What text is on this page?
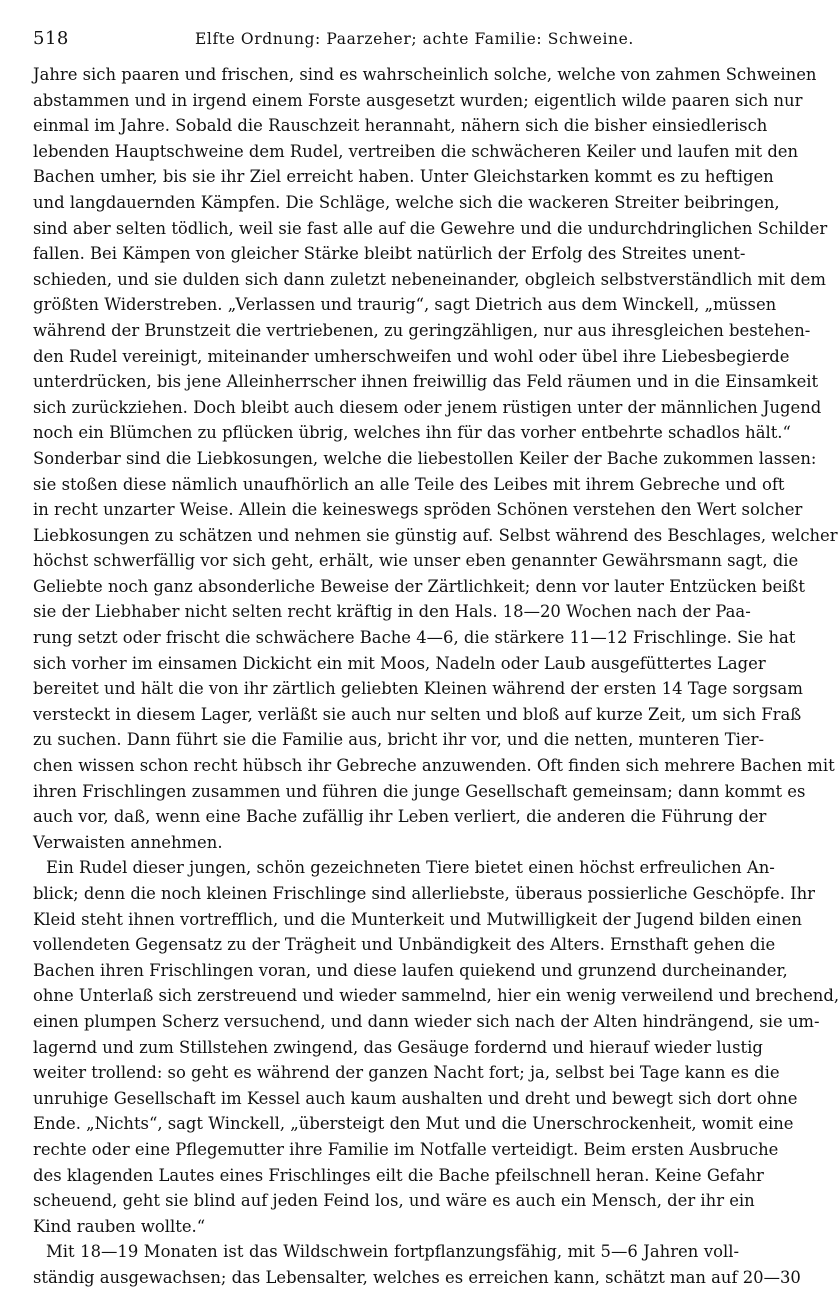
518	Elfte Ordnung: Paarzeher; achte Familie: Schweine.
Jahre sich paaren und frischen, sind es wahrscheinlich solche, welche von zahmen Schweinen
abstammen und in irgend einem Forste ausgesetzt wurden; eigentlich wilde paaren sich nur
einmal im Jahre. Sobald die Rauschzeit herannaht, nähern sich die bisher einsiedlerisch
lebenden Hauptschweine dem Rudel, vertreiben die schwächeren Keiler und laufen mit den
Bachen umher, bis sie ihr Ziel erreicht haben. Unter Gleichstarken kommt es zu heftigen
und langdauernden Kämpfen. Die Schläge, welche sich die wackeren Streiter beibringen,
sind aber selten tödlich, weil sie fast alle auf die Gewehre und die undurchdringlichen Schilder
fallen. Bei Kämpen von gleicher Stärke bleibt natürlich der Erfolg des Streites unent-
schieden, und sie dulden sich dann zuletzt nebeneinander, obgleich selbstverständlich mit dem
größten Widerstreben. „Verlassen und traurig“, sagt Dietrich aus dem Winckell, „müssen
während der Brunstzeit die vertriebenen, zu geringzähligen, nur aus ihresgleichen bestehen-
den Rudel vereinigt, miteinander umherschweifen und wohl oder übel ihre Liebesbegierde
unterdrücken, bis jene Alleinherrscher ihnen freiwillig das Feld räumen und in die Einsamkeit
sich zurückziehen. Doch bleibt auch diesem oder jenem rüstigen unter der männlichen Jugend
noch ein Blümchen zu pflücken übrig, welches ihn für das vorher entbehrte schadlos hält.“
Sonderbar sind die Liebkosungen, welche die liebestollen Keiler der Bache zukommen lassen:
sie stoßen diese nämlich unaufhörlich an alle Teile des Leibes mit ihrem Gebreche und oft
in recht unzarter Weise. Allein die keineswegs spröden Schönen verstehen den Wert solcher
Liebkosungen zu schätzen und nehmen sie günstig auf. Selbst während des Beschlages, welcher
höchst schwerfällig vor sich geht, erhält, wie unser eben genannter Gewährsmann sagt, die
Geliebte noch ganz absonderliche Beweise der Zärtlichkeit; denn vor lauter Entzücken beißt
sie der Liebhaber nicht selten recht kräftig in den Hals. 18—20 Wochen nach der Paa-
rung setzt oder frischt die schwächere Bache 4—6, die stärkere 11—12 Frischlinge. Sie hat
sich vorher im einsamen Dickicht ein mit Moos, Nadeln oder Laub ausgefüttertes Lager
bereitet und hält die von ihr zärtlich geliebten Kleinen während der ersten 14 Tage sorgsam
versteckt in diesem Lager, verläßt sie auch nur selten und bloß auf kurze Zeit, um sich Fraß
zu suchen. Dann führt sie die Familie aus, bricht ihr vor, und die netten, munteren Tier-
chen wissen schon recht hübsch ihr Gebreche anzuwenden. Oft finden sich mehrere Bachen mit
ihren Frischlingen zusammen und führen die junge Gesellschaft gemeinsam; dann kommt es
auch vor, daß, wenn eine Bache zufällig ihr Leben verliert, die anderen die Führung der
Verwaisten annehmen.
Ein Rudel dieser jungen, schön gezeichneten Tiere bietet einen höchst erfreulichen An-
blick; denn die noch kleinen Frischlinge sind allerliebste, überaus possierliche Geschöpfe. Ihr
Kleid steht ihnen vortrefflich, und die Munterkeit und Mutwilligkeit der Jugend bilden einen
vollendeten Gegensatz zu der Trägheit und Unbändigkeit des Alters. Ernsthaft gehen die
Bachen ihren Frischlingen voran, und diese laufen quiekend und grunzend durcheinander,
ohne Unterlaß sich zerstreuend und wieder sammelnd, hier ein wenig verweilend und brechend,
einen plumpen Scherz versuchend, und dann wieder sich nach der Alten hindrängend, sie um-
lagernd und zum Stillstehen zwingend, das Gesäuge fordernd und hierauf wieder lustig
weiter trollend: so geht es während der ganzen Nacht fort; ja, selbst bei Tage kann es die
unruhige Gesellschaft im Kessel auch kaum aushalten und dreht und bewegt sich dort ohne
Ende. „Nichts“, sagt Winckell, „übersteigt den Mut und die Unerschrockenheit, womit eine
rechte oder eine Pflegemutter ihre Familie im Notfalle verteidigt. Beim ersten Ausbruche
des klagenden Lautes eines Frischlinges eilt die Bache pfeilschnell heran. Keine Gefahr
scheuend, geht sie blind auf jeden Feind los, und wäre es auch ein Mensch, der ihr ein
Kind rauben wollte.“
Mit 18—19 Monaten ist das Wildschwein fortpflanzungsfähig, mit 5—6 Jahren voll-
ständig ausgewachsen; das Lebensalter, welches es erreichen kann, schätzt man auf 20—30
